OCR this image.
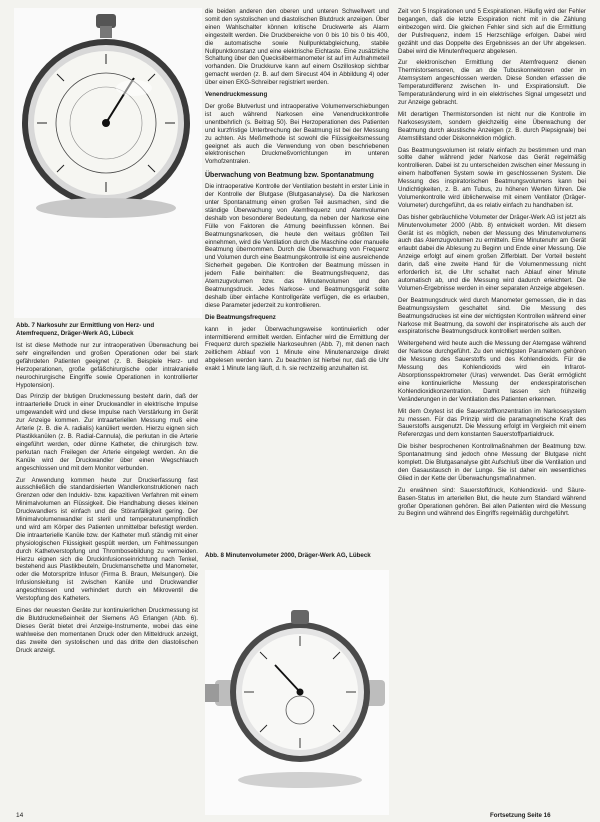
Abb. 7 Narkosuhr zur Ermittlung von Herz- und Atemfrequenz, Dräger-Werk AG, Lübeck

Ist ist diese Methode nur zur intraoperativen Überwachung bei sehr eingreifenden und großen Operationen oder bei stark gefährdeten Patienten geeignet (z. B. Beispiele Herz- und Herzoperationen, große gefäßchirurgische oder intrakranielle neurochirurgische Eingriffe sowie Operationen in kontrollierter Hypotension).

Das Prinzip der blutigen Druckmessung besteht darin, daß der intraarterielle Druck in einer Druckwandler in elektrische Impulse umgewandelt wird und diese Impulse nach Verstärkung im Gerät zur Anzeige kommen. Zur intraarteriellen Messung muß eine Arterie (z. B. die A. radialis) kanüliert werden. Hierzu eignen sich Plastikkanülen (z. B. Radial-Cannula), die perkutan in die Arterie eingeführt werden, oder dünne Katheter, die chirurgisch bzw. perkutan nach Freilegen der Arterie eingelegt werden. An die Kanüle wird der Druckwandler über einen Wegschlauch angeschlossen und mit dem Monitor verbunden.

Zur Anwendung kommen heute zur Druckerfassung fast ausschließlich die standardisierten Wandlerkonstruktionen nach Grenzen oder den Induktiv- bzw. kapazitiven Verfahren mit einem Minimalvolumen an Flüssigkeit. Die Handhabung dieses kleinen Druckwandlers ist einfach und die Störanfälligkeit gering. Der Minimalvolumenwandler ist steril und temperaturunempfindlich und wird am Körper des Patienten unmittelbar befestigt werden. Die intraarterielle Kanüle bzw. der Katheter muß ständig mit einer physiologischen Flüssigkeit gespült werden, um Fehlmessungen durch Kathetverstopfung und Thrombosebildung zu vermeiden. Hierzu eignen sich die Druckinfusionseinrichtung nach Tenkel, bestehend aus Plastikbeuteln, Druckmanschette und Manometer, oder die Motorspritze Infusor (Firma B. Braun, Melsungen). Die Infusionsleitung ist zwischen Kanüle und Druckwandler angeschlossen und verhindert durch ein Mikroventil die Verstopfung des Katheters.

Eines der neuesten Geräte zur kontinuierlichen Druckmessung ist die Blutdruckmeßeinheit der Siemens AG Erlangen (Abb. 6). Dieses Gerät bietet drei Anzeige-Instrumente, wobei das eine wahlweise den momentanen Druck oder den Mitteldruck anzeigt, das zweite den systolischen und das dritte den diastolischen Druck anzeigt.

die beiden anderen den oberen und unteren Schwellwert und somit den systolischen und diastolischen Blutdruck anzeigen. Über einen Wahlschalter können kritische Druckwerte als Alarm eingestellt werden. Die Druckbereiche von 0 bis 10 bis 0 bis 400, die automatische sowie Nullpunktabgleichung, stabile Nullpunktkonstanz und eine elektrische Eichtaste. Eine zusätzliche Schaltung über den Quecksilbermanometer ist auf im Aufnahmeteil vorhanden. Die Druckkurve kann auf einem Oszilloskop sichtbar gemacht werden (z. B. auf dem Sirecust 404 in Abbildung 4) oder über einen EKG-Schreiber registriert werden.

Venendruckmessung

Der große Blutverlust und intraoperative Volumenverschiebungen ist auch während Narkosen eine Venendruckkontrolle unentbehrlich (s. Beitrag 50). Bei Herzoperationen des Patienten und kurzfristige Unterbrechung der Beatmung ist bei der Messung zu achten. Als Meßmethode ist sowohl die Flüssigkeitsmessung geeignet als auch die Verwendung von oben beschriebenen elektronischen Druckmeßvorrichtungen im unteren Vorhofzentralen.

Überwachung von Beatmung bzw. Spontanatmung

Die intraoperative Kontrolle der Ventilation besteht in erster Linie in der Kontrolle der Blutgase (Blutgasanalyse). Da die Narkosen unter Spontanatmung einen großen Teil ausmachen, sind die ständige Überwachung von Atemfrequenz und Atemvolumen deshalb von besonderer Bedeutung, da neben der Narkose eine Fülle von Faktoren die Atmung beeinflussen können. Bei Beatmungsnarkosen, die heute den weitaus größten Teil einnehmen, wird die Ventilation durch die Maschine oder manuelle Beatmung übernommen. Durch die Überwachung von Frequenz und Volumen durch eine Beatmungskontrolle ist eine ausreichende Sicherheit gegeben. Die Kontrollen der Beatmung müssen in jedem Falle beinhalten: die Beatmungsfrequenz, das Atemzugvolumen bzw. das Minutenvolumen und den Beatmungsdruck. Jedes Narkose- und Beatmungsgerät sollte deshalb über einfache Kontrollgeräte verfügen, die es erlauben, diese Parameter jederzeit zu kontrollieren.

Die Beatmungsfrequenz

kann in jeder Überwachungsweise kontinuierlich oder intermittierend ermittelt werden. Einfacher wird die Ermittlung der Frequenz durch spezielle Narkoseuhren (Abb. 7), mit denen nach zeitlichem Ablauf von 1 Minute eine Minutenanzeige direkt abgelesen werden kann. Zu beachten ist hierbei nur, daß die Uhr exakt 1 Minute lang läuft, d. h. sie rechtzeitig anzuhalten ist.

Abb. 8 Minutenvolumeter 2000, Dräger-Werk AG, Lübeck

Zeit von 5 Inspirationen und 5 Exspirationen. Häufig wird der Fehler begangen, daß die letzte Exspiration nicht mit in die Zählung einbezogen wird. Die gleichen Fehler sind sich auf die Ermittlung der Pulsfrequenz, indem 15 Herzschläge erfolgen. Dabei wird gezählt und das Doppelte des Ergebnisses an der Uhr abgelesen. Dabei wird die Minutenfrequenz abgelesen.

Zur elektronischen Ermittlung der Atemfrequenz dienen Thermistorsensoren, die an die Tubuskonnektoren oder im Atemsystem angeschlossen werden. Diese Sonden erfassen die Temperaturdifferenz zwischen In- und Exspirationsluft. Die Temperaturänderung wird in ein elektrisches Signal umgesetzt und zur Anzeige gebracht.

Mit derartigen Thermistorsonden ist nicht nur die Kontrolle im Narkosesystem, sondern gleichzeitig eine Überwachung der Beatmung durch akustische Anzeigen (z. B. durch Piepsignale) bei Atemstillstand oder Diskonnektion möglich.

Das Beatmungsvolumen ist relativ einfach zu bestimmen und man sollte daher während jeder Narkose das Gerät regelmäßig kontrollieren. Dabei ist zu unterscheiden zwischen einer Messung in einem halboffenen System sowie im geschlossenen System. Die Messung des inspiratorischen Beatmungsvolumens kann bei Undichtigkeiten, z. B. am Tubus, zu höheren Werten führen. Die Volumenkontrolle wird üblicherweise mit einem Ventilator (Dräger-Volumeter) durchgeführt, da es relativ einfach zu handhaben ist.

Das bisher gebräuchliche Volumeter der Dräger-Werk AG ist jetzt als Minutenvolumeter 2000 (Abb. 8) entwickelt worden. Mit diesem Gerät ist es möglich, neben der Messung des Minutenvolumens auch das Atemzugvolumen zu ermitteln. Eine Minutenuhr am Gerät erlaubt dabei die Ablesung zu Beginn und Ende einer Messung. Die Anzeige erfolgt auf einem großen Zifferblatt. Der Vorteil besteht darin, daß eine zweite Hand für die Volumenmessung nicht erforderlich ist, die Uhr schaltet nach Ablauf einer Minute automatisch ab, und die Messung wird dadurch erleichtert. Die Volumen-Ergebnisse werden in einer separaten Anzeige abgelesen.

Der Beatmungsdruck wird durch Manometer gemessen, die in das Beatmungssystem geschaltet sind. Die Messung des Beatmungsdruckes ist eine der wichtigsten Kontrollen während einer Narkose mit Beatmung, da sowohl der inspiratorische als auch der exspiratorische Beatmungsdruck kontrolliert werden sollten.

Weitergehend wird heute auch die Messung der Atemgase während der Narkose durchgeführt. Zu den wichtigsten Parametern gehören die Messung des Sauerstoffs und des Kohlendioxids. Für die Messung des Kohlendioxids wird ein Infrarot-Absorptionsspektrometer (Uras) verwendet. Das Gerät ermöglicht eine kontinuierliche Messung der endexspiratorischen Kohlendioxidkonzentration. Damit lassen sich frühzeitig Veränderungen in der Ventilation des Patienten erkennen.

Mit dem Oxytest ist die Sauerstoffkonzentration im Narkosesystem zu messen. Für das Prinzip wird die paramagnetische Kraft des Sauerstoffs ausgenutzt. Die Messung erfolgt im Vergleich mit einem Referenzgas und dem konstanten Sauerstoffpartialdruck.

Die bisher besprochenen Kontrollmaßnahmen der Beatmung bzw. Spontanatmung sind jedoch ohne Messung der Blutgase nicht komplett. Die Blutgasanalyse gibt Aufschluß über die Ventilation und den Gasaustausch in der Lunge. Sie ist daher ein wesentliches Glied in der Kette der Überwachungsmaßnahmen.

Zu erwähnen sind: Sauerstoffdruck, Kohlendioxid- und Säure-Basen-Status im arteriellen Blut, die heute zum Standard während großer Operationen gehören. Bei allen Patienten wird die Messung zu Beginn und während des Eingriffs regelmäßig durchgeführt.

14	Fortsetzung Seite 16
